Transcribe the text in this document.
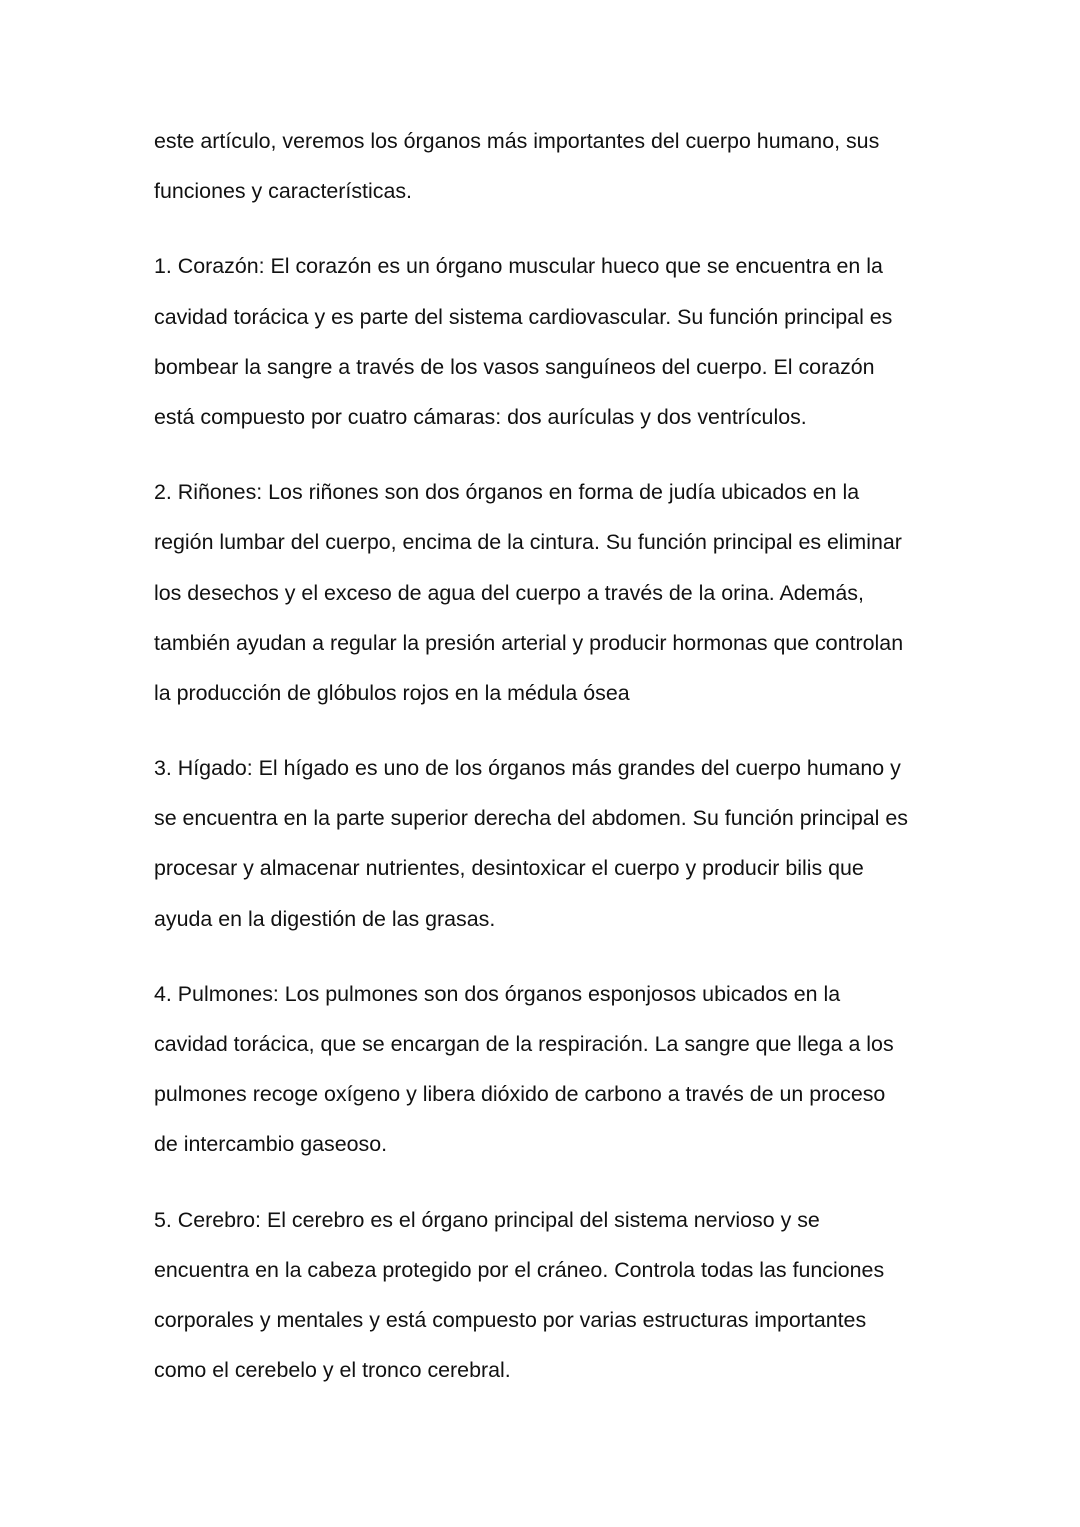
este artículo, veremos los órganos más importantes del cuerpo humano, sus
funciones y características.

1. Corazón: El corazón es un órgano muscular hueco que se encuentra en la
cavidad torácica y es parte del sistema cardiovascular. Su función principal es
bombear la sangre a través de los vasos sanguíneos del cuerpo. El corazón
está compuesto por cuatro cámaras: dos aurículas y dos ventrículos.

2. Riñones: Los riñones son dos órganos en forma de judía ubicados en la
región lumbar del cuerpo, encima de la cintura. Su función principal es eliminar
los desechos y el exceso de agua del cuerpo a través de la orina. Además,
también ayudan a regular la presión arterial y producir hormonas que controlan
la producción de glóbulos rojos en la médula ósea

3. Hígado: El hígado es uno de los órganos más grandes del cuerpo humano y
se encuentra en la parte superior derecha del abdomen. Su función principal es
procesar y almacenar nutrientes, desintoxicar el cuerpo y producir bilis que
ayuda en la digestión de las grasas.

4. Pulmones: Los pulmones son dos órganos esponjosos ubicados en la
cavidad torácica, que se encargan de la respiración. La sangre que llega a los
pulmones recoge oxígeno y libera dióxido de carbono a través de un proceso
de intercambio gaseoso.

5. Cerebro: El cerebro es el órgano principal del sistema nervioso y se
encuentra en la cabeza protegido por el cráneo. Controla todas las funciones
corporales y mentales y está compuesto por varias estructuras importantes
como el cerebelo y el tronco cerebral.
